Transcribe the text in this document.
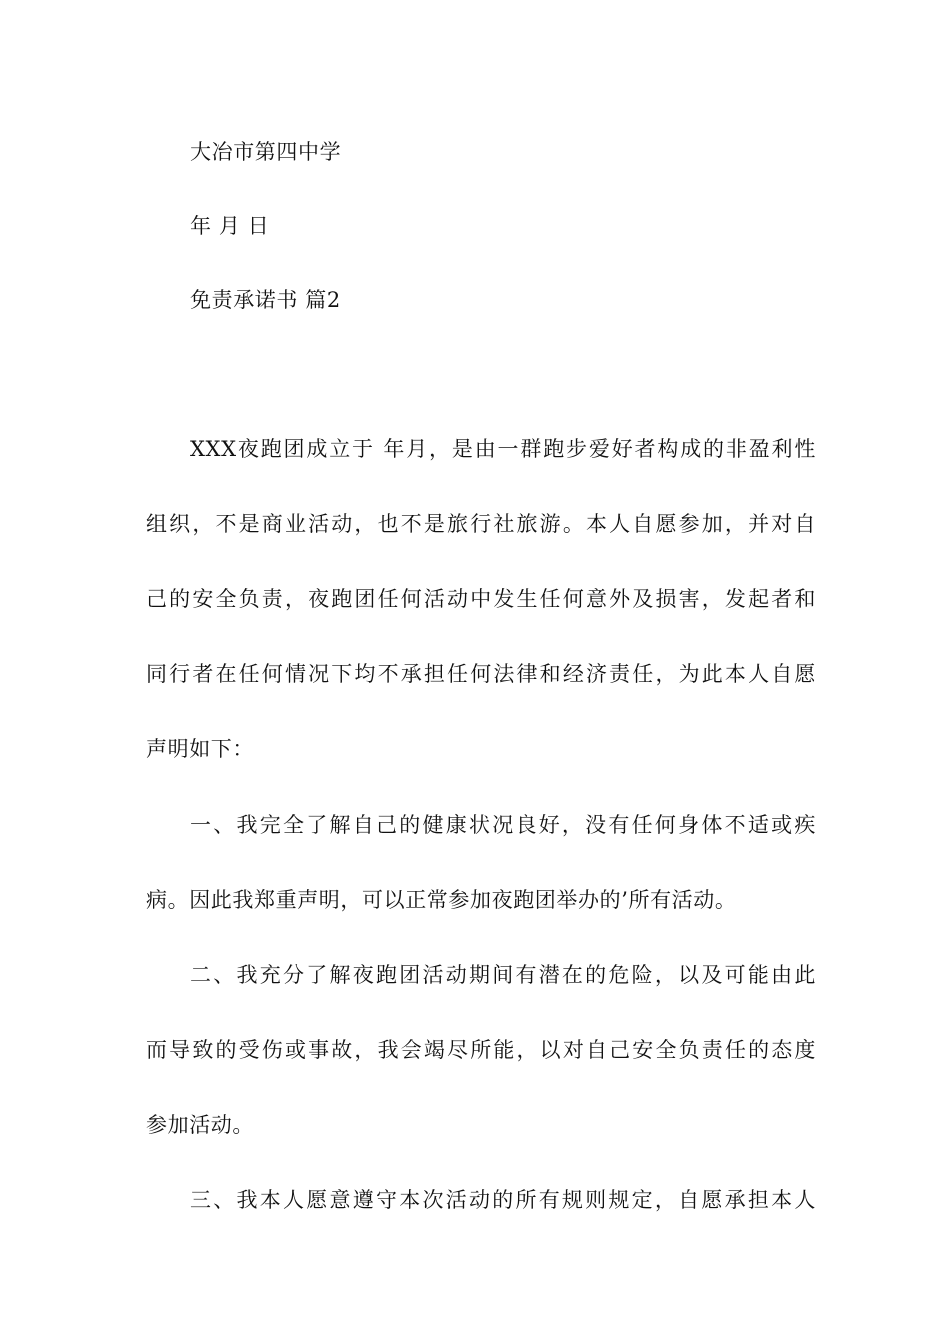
大冶市第四中学
年 月 日
免责承诺书 篇2
XXX夜跑团成立于 年月，是由一群跑步爱好者构成的非盈利性
组织，不是商业活动，也不是旅行社旅游。本人自愿参加，并对自
己的安全负责，夜跑团任何活动中发生任何意外及损害，发起者和
同行者在任何情况下均不承担任何法律和经济责任，为此本人自愿
声明如下：
一、我完全了解自己的健康状况良好，没有任何身体不适或疾
病。因此我郑重声明，可以正常参加夜跑团举办的’所有活动。
二、我充分了解夜跑团活动期间有潜在的危险，以及可能由此
而导致的受伤或事故，我会竭尽所能，以对自己安全负责任的态度
参加活动。
三、我本人愿意遵守本次活动的所有规则规定，自愿承担本人
